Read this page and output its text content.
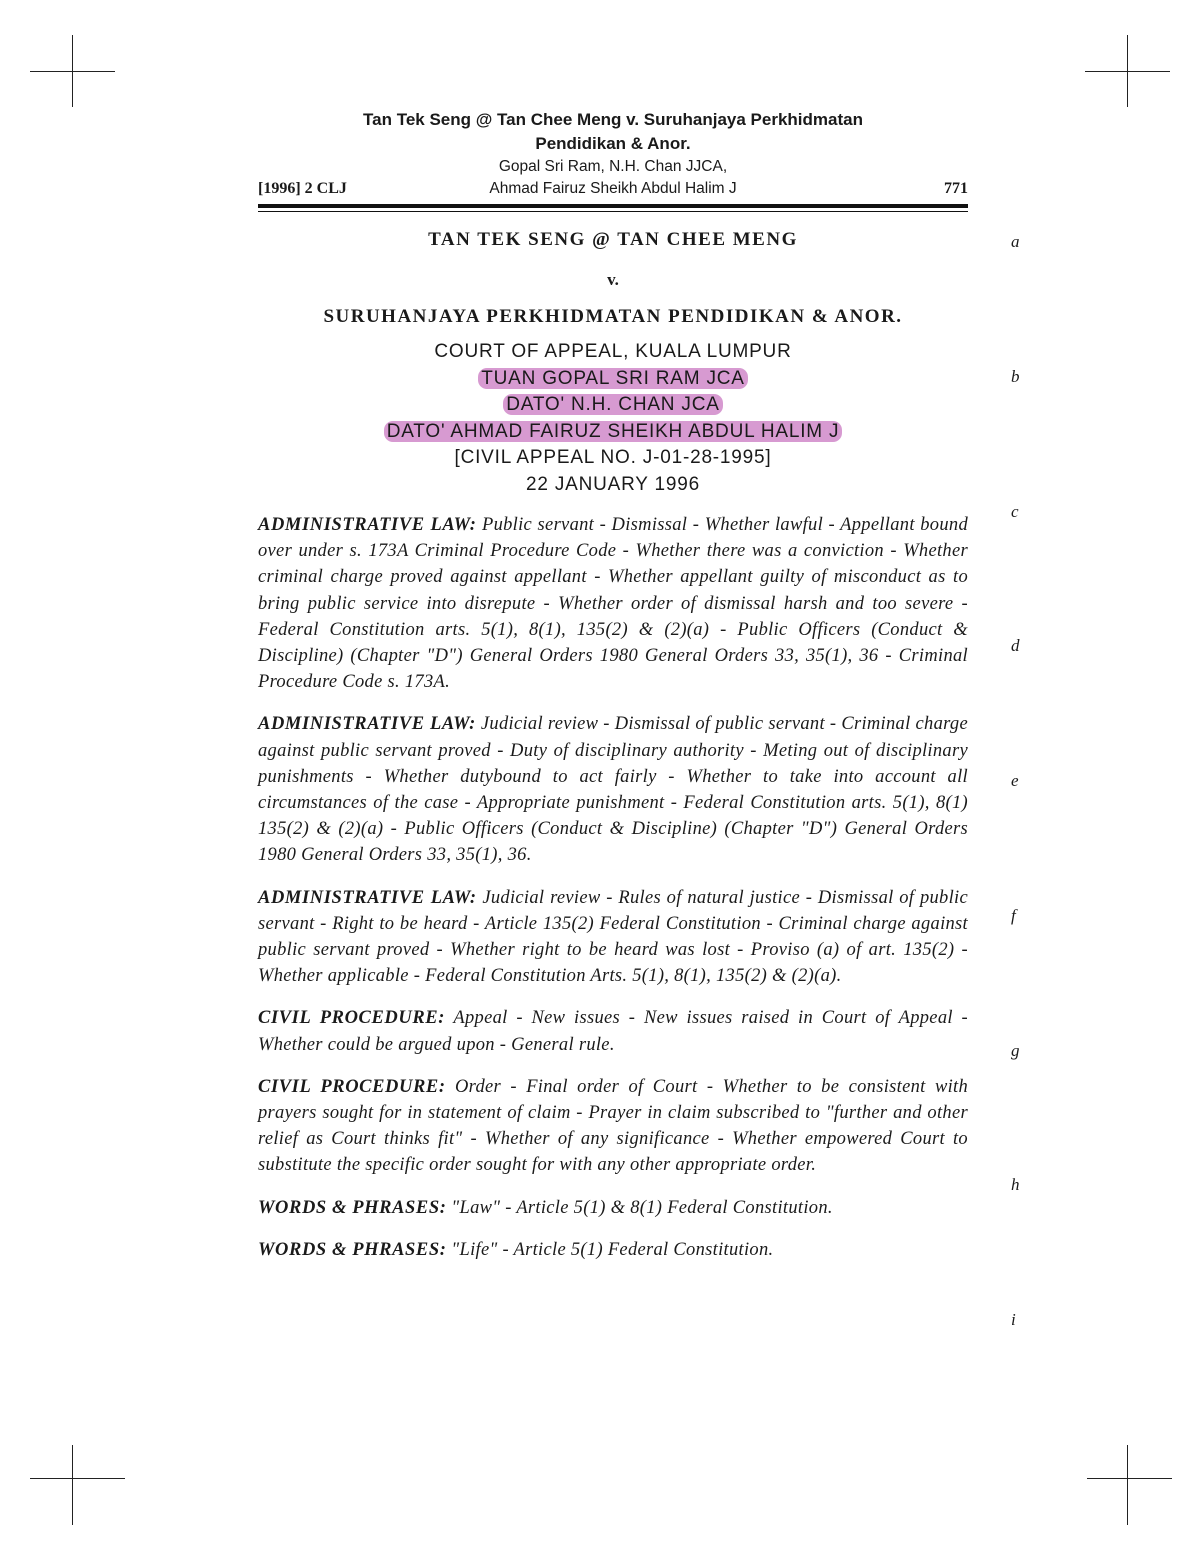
Tan Tek Seng @ Tan Chee Meng v. Suruhanjaya Perkhidmatan
Pendidikan & Anor.
Gopal Sri Ram, N.H. Chan JJCA,
[1996] 2 CLJ	Ahmad Fairuz Sheikh Abdul Halim J	771
TAN TEK SENG @ TAN CHEE MENG
v.
SURUHANJAYA PERKHIDMATAN PENDIDIKAN & ANOR.
COURT OF APPEAL, KUALA LUMPUR
TUAN GOPAL SRI RAM JCA
DATO' N.H. CHAN JCA
DATO' AHMAD FAIRUZ SHEIKH ABDUL HALIM J
[CIVIL APPEAL NO. J-01-28-1995]
22 JANUARY 1996

ADMINISTRATIVE LAW: Public servant - Dismissal - Whether lawful - Appellant bound over under s. 173A Criminal Procedure Code - Whether there was a conviction - Whether criminal charge proved against appellant - Whether appellant guilty of misconduct as to bring public service into disrepute - Whether order of dismissal harsh and too severe - Federal Constitution arts. 5(1), 8(1), 135(2) & (2)(a) - Public Officers (Conduct & Discipline) (Chapter "D") General Orders 1980 General Orders 33, 35(1), 36 - Criminal Procedure Code s. 173A.

ADMINISTRATIVE LAW: Judicial review - Dismissal of public servant - Criminal charge against public servant proved - Duty of disciplinary authority - Meting out of disciplinary punishments - Whether dutybound to act fairly - Whether to take into account all circumstances of the case - Appropriate punishment - Federal Constitution arts. 5(1), 8(1) 135(2) & (2)(a) - Public Officers (Conduct & Discipline) (Chapter "D") General Orders 1980 General Orders 33, 35(1), 36.

ADMINISTRATIVE LAW: Judicial review - Rules of natural justice - Dismissal of public servant - Right to be heard - Article 135(2) Federal Constitution - Criminal charge against public servant proved - Whether right to be heard was lost - Proviso (a) of art. 135(2) - Whether applicable - Federal Constitution Arts. 5(1), 8(1), 135(2) & (2)(a).

CIVIL PROCEDURE: Appeal - New issues - New issues raised in Court of Appeal - Whether could be argued upon - General rule.

CIVIL PROCEDURE: Order - Final order of Court - Whether to be consistent with prayers sought for in statement of claim - Prayer in claim subscribed to "further and other relief as Court thinks fit" - Whether of any significance - Whether empowered Court to substitute the specific order sought for with any other appropriate order.

WORDS & PHRASES: "Law" - Article 5(1) & 8(1) Federal Constitution.

WORDS & PHRASES: "Life" - Article 5(1) Federal Constitution.

a
b
c
d
e
f
g
h
i
